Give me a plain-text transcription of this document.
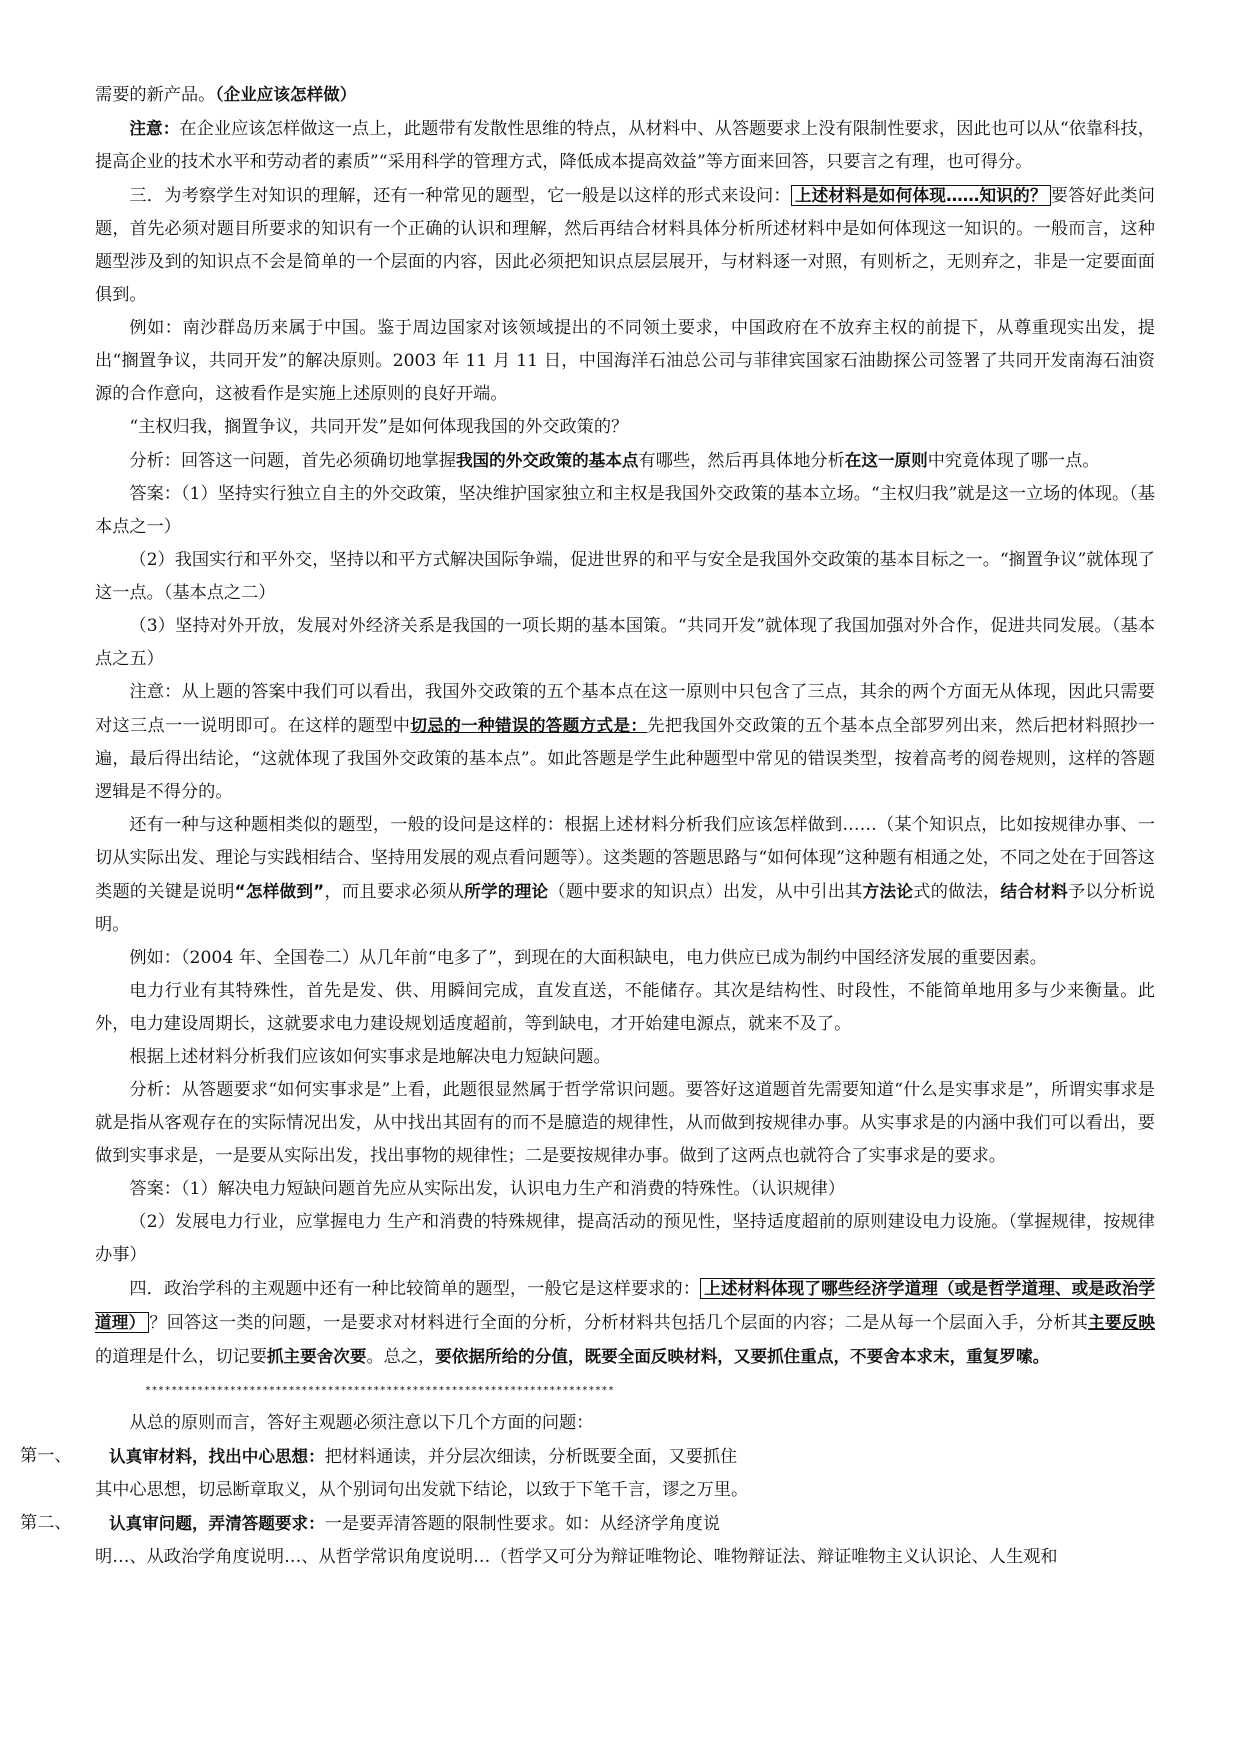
需要的新产品。（企业应该怎样做）

注意：在企业应该怎样做这一点上，此题带有发散性思维的特点，从材料中、从答题要求上没有限制性要求，因此也可以从“依靠科技，提高企业的技术水平和劳动者的素质”“采用科学的管理方式，降低成本提高效益”等方面来回答，只要言之有理，也可得分。

三．为考察学生对知识的理解，还有一种常见的题型，它一般是以这样的形式来设问： 上述材料是如何体现……知识的？ 要答好此类问题，首先必须对题目所要求的知识有一个正确的认识和理解，然后再结合材料具体分析所述材料中是如何体现这一知识的。一般而言，这种题型涉及到的知识点不会是简单的一个层面的内容，因此必须把知识点层层展开，与材料逐一对照，有则析之，无则弃之，非是一定要面面俱到。

例如：南沙群岛历来属于中国。鉴于周边国家对该领域提出的不同领土要求，中国政府在不放弃主权的前提下，从尊重现实出发，提出“搁置争议，共同开发”的解决原则。2003 年 11 月 11 日，中国海洋石油总公司与菲律宾国家石油勘探公司签署了共同开发南海石油资源的合作意向，这被看作是实施上述原则的良好开端。

“主权归我，搁置争议，共同开发”是如何体现我国的外交政策的？

分析：回答这一问题，首先必须确切地掌握我国的外交政策的基本点有哪些，然后再具体地分析在这一原则中究竟体现了哪一点。

答案：（1）坚持实行独立自主的外交政策，坚决维护国家独立和主权是我国外交政策的基本立场。“主权归我”就是这一立场的体现。（基本点之一）

（2）我国实行和平外交，坚持以和平方式解决国际争端，促进世界的和平与安全是我国外交政策的基本目标之一。“搁置争议”就体现了这一点。（基本点之二）

（3）坚持对外开放，发展对外经济关系是我国的一项长期的基本国策。“共同开发”就体现了我国加强对外合作，促进共同发展。（基本点之五）

注意：从上题的答案中我们可以看出，我国外交政策的五个基本点在这一原则中只包含了三点，其余的两个方面无从体现，因此只需要对这三点一一说明即可。在这样的题型中切忌的一种错误的答题方式是：先把我国外交政策的五个基本点全部罗列出来，然后把材料照抄一遍，最后得出结论，“这就体现了我国外交政策的基本点”。如此答题是学生此种题型中常见的错误类型，按着高考的阅卷规则，这样的答题逻辑是不得分的。

还有一种与这种题相类似的题型，一般的设问是这样的：根据上述材料分析我们应该怎样做到……（某个知识点，比如按规律办事、一切从实际出发、理论与实践相结合、坚持用发展的观点看问题等）。这类题的答题思路与“如何体现”这种题有相通之处，不同之处在于回答这类题的关键是说明“怎样做到”，而且要求必须从所学的理论（题中要求的知识点）出发，从中引出其方法论式的做法，结合材料予以分析说明。

例如：（2004 年、全国卷二）从几年前“电多了”，到现在的大面积缺电，电力供应已成为制约中国经济发展的重要因素。

电力行业有其特殊性，首先是发、供、用瞬间完成，直发直送，不能储存。其次是结构性、时段性，不能简单地用多与少来衡量。此外，电力建设周期长，这就要求电力建设规划适度超前，等到缺电，才开始建电源点，就来不及了。

根据上述材料分析我们应该如何实事求是地解决电力短缺问题。

分析：从答题要求“如何实事求是”上看，此题很显然属于哲学常识问题。要答好这道题首先需要知道“什么是实事求是”，所谓实事求是就是指从客观存在的实际情况出发，从中找出其固有的而不是臆造的规律性，从而做到按规律办事。从实事求是的内涵中我们可以看出，要做到实事求是，一是要从实际出发，找出事物的规律性；二是要按规律办事。做到了这两点也就符合了实事求是的要求。

答案：（1）解决电力短缺问题首先应从实际出发，认识电力生产和消费的特殊性。（认识规律）

（2）发展电力行业，应掌握电力 生产和消费的特殊规律，提高活动的预见性，坚持适度超前的原则建设电力设施。（掌握规律，按规律办事）

四．政治学科的主观题中还有一种比较简单的题型，一般它是这样要求的： 上述材料体现了哪些经济学道理（或是哲学道理、或是政治学道理） ？回答这一类的问题，一是要求对材料进行全面的分析，分析材料共包括几个层面的内容；二是从每一个层面入手，分析其主要反映的道理是什么，切记要抓主要舍次要。总之，要依据所给的分值，既要全面反映材料，又要抓住重点，不要舍本求末，重复罗嗦。

************************************************************************

从总的原则而言，答好主观题必须注意以下几个方面的问题：

第一、	认真审材料，找出中心思想：把材料通读，并分层次细读，分析既要全面，又要抓住

其中心思想，切忌断章取义，从个别词句出发就下结论，以致于下笔千言，谬之万里。

第二、	认真审问题，弄清答题要求：一是要弄清答题的限制性要求。如：从经济学角度说

明…、从政治学角度说明…、从哲学常识角度说明…（哲学又可分为辩证唯物论、唯物辩证法、辩证唯物主义认识论、人生观和
